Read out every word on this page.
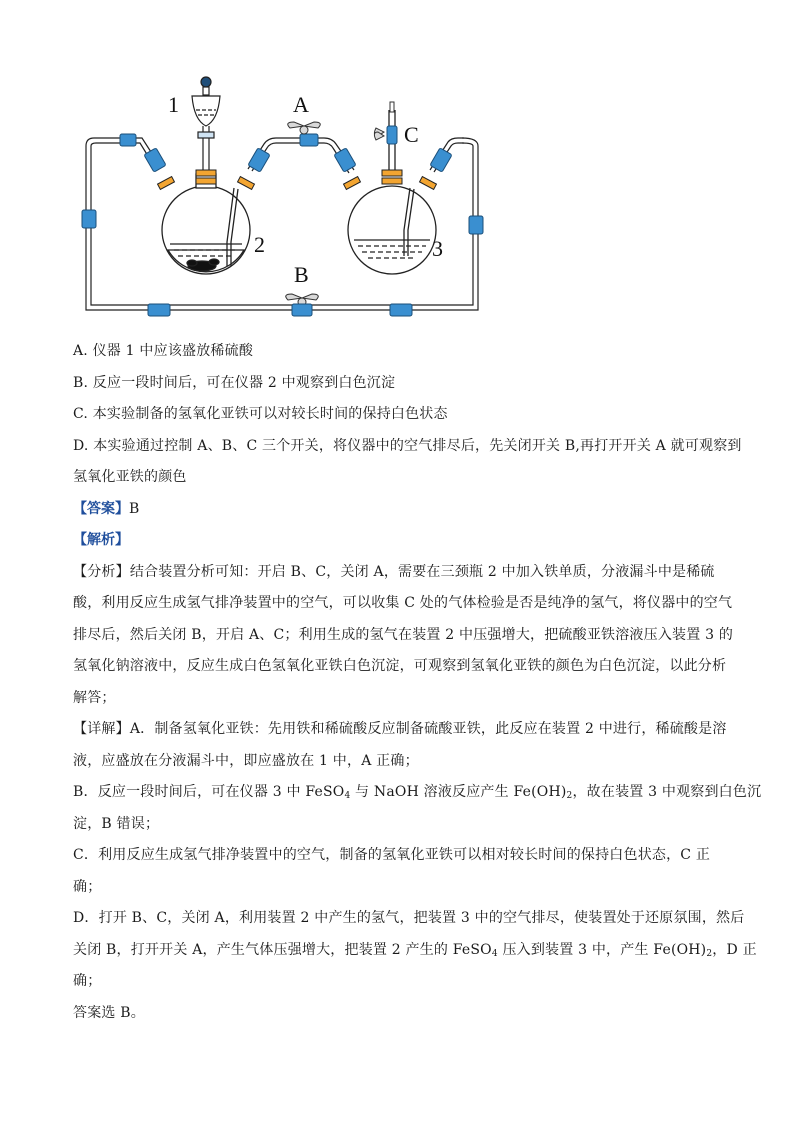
1	A
C
2	3
B
A. 仪器 1 中应该盛放稀硫酸
B. 反应一段时间后，可在仪器 2 中观察到白色沉淀
C. 本实验制备的氢氧化亚铁可以对较长时间的保持白色状态
D. 本实验通过控制 A、B、C 三个开关，将仪器中的空气排尽后，先关闭开关 B,再打开开关 A 就可观察到
氢氧化亚铁的颜色
【答案】B
【解析】
【分析】结合装置分析可知：开启 B、C，关闭 A，需要在三颈瓶 2 中加入铁单质，分液漏斗中是稀硫
酸，利用反应生成氢气排净装置中的空气，可以收集 C 处的气体检验是否是纯净的氢气，将仪器中的空气
排尽后，然后关闭 B，开启 A、C；利用生成的氢气在装置 2 中压强增大，把硫酸亚铁溶液压入装置 3 的
氢氧化钠溶液中，反应生成白色氢氧化亚铁白色沉淀，可观察到氢氧化亚铁的颜色为白色沉淀，以此分析
解答；
【详解】A．制备氢氧化亚铁：先用铁和稀硫酸反应制备硫酸亚铁，此反应在装置 2 中进行，稀硫酸是溶
液，应盛放在分液漏斗中，即应盛放在 1 中，A 正确；
B．反应一段时间后，可在仪器 3 中 FeSO$_4$ 与 NaOH 溶液反应产生 $Fe(OH)_2$，故在装置 3 中观察到白色沉
淀，B 错误；
C．利用反应生成氢气排净装置中的空气，制备的氢氧化亚铁可以相对较长时间的保持白色状态，C 正
确；
D．打开 B、C，关闭 A，利用装置 2 中产生的氢气，把装置 3 中的空气排尽，使装置处于还原氛围，然后
关闭 B，打开开关 A，产生气体压强增大，把装置 2 产生的 FeSO$_4$ 压入到装置 3 中，产生 $Fe(OH)_2$，D 正
确；
答案选 B。
